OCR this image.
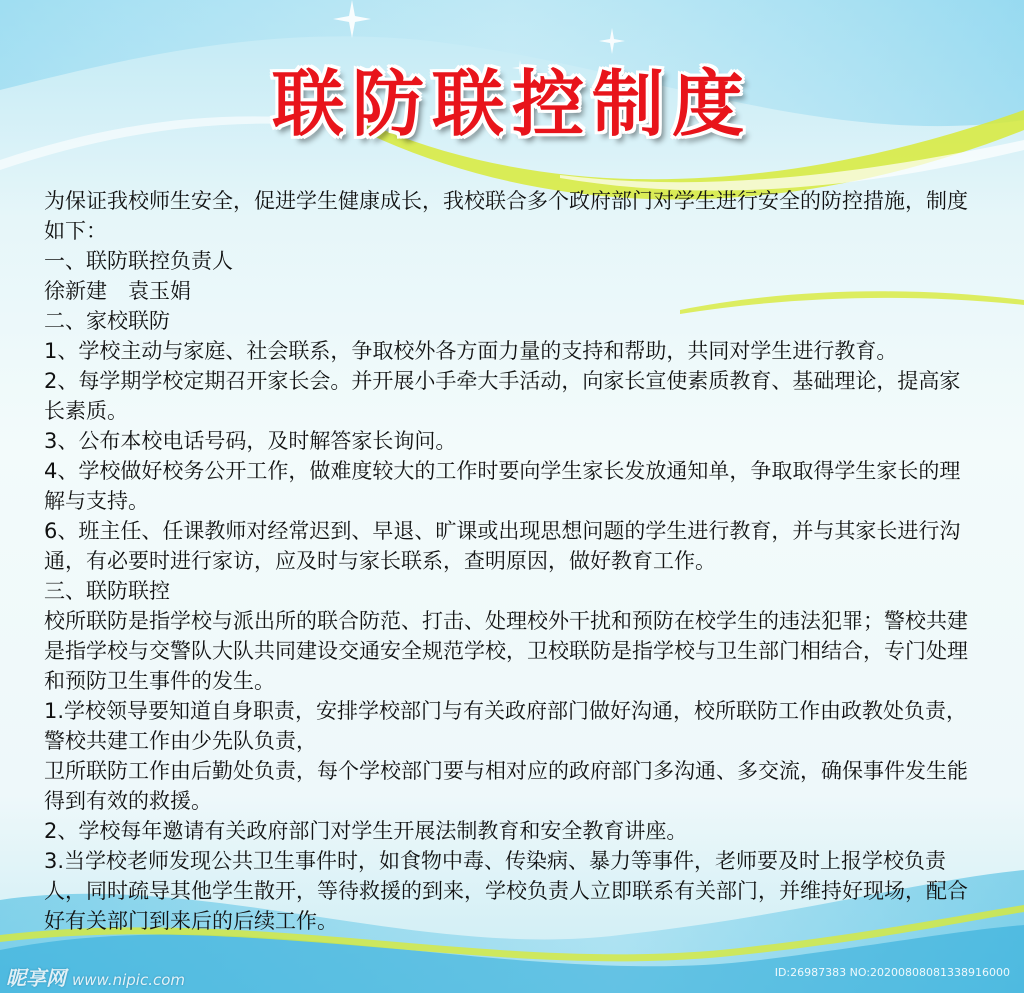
联防联控制度

为保证我校师生安全，促进学生健康成长，我校联合多个政府部门对学生进行安全的防控措施，制度如下：

一、联防联控负责人

徐新建　袁玉娟

二、家校联防

1、学校主动与家庭、社会联系，争取校外各方面力量的支持和帮助，共同对学生进行教育。

2、每学期学校定期召开家长会。并开展小手牵大手活动，向家长宣使素质教育、基础理论，提高家长素质。

3、公布本校电话号码，及时解答家长询问。

4、学校做好校务公开工作，做难度较大的工作时要向学生家长发放通知单，争取取得学生家长的理解与支持。

6、班主任、任课教师对经常迟到、早退、旷课或出现思想问题的学生进行教育，并与其家长进行沟通，有必要时进行家访，应及时与家长联系，查明原因，做好教育工作。

三、联防联控

校所联防是指学校与派出所的联合防范、打击、处理校外干扰和预防在校学生的违法犯罪；警校共建是指学校与交警队大队共同建设交通安全规范学校，卫校联防是指学校与卫生部门相结合，专门处理和预防卫生事件的发生。

1.学校领导要知道自身职责，安排学校部门与有关政府部门做好沟通，校所联防工作由政教处负责，警校共建工作由少先队负责，

卫所联防工作由后勤处负责，每个学校部门要与相对应的政府部门多沟通、多交流，确保事件发生能得到有效的救援。

2、学校每年邀请有关政府部门对学生开展法制教育和安全教育讲座。

3.当学校老师发现公共卫生事件时，如食物中毒、传染病、暴力等事件，老师要及时上报学校负责人，同时疏导其他学生散开，等待救援的到来，学校负责人立即联系有关部门，并维持好现场，配合好有关部门到来后的后续工作。

昵享网 www.nipic.com	ID:26987383 NO:20200808081338916000
